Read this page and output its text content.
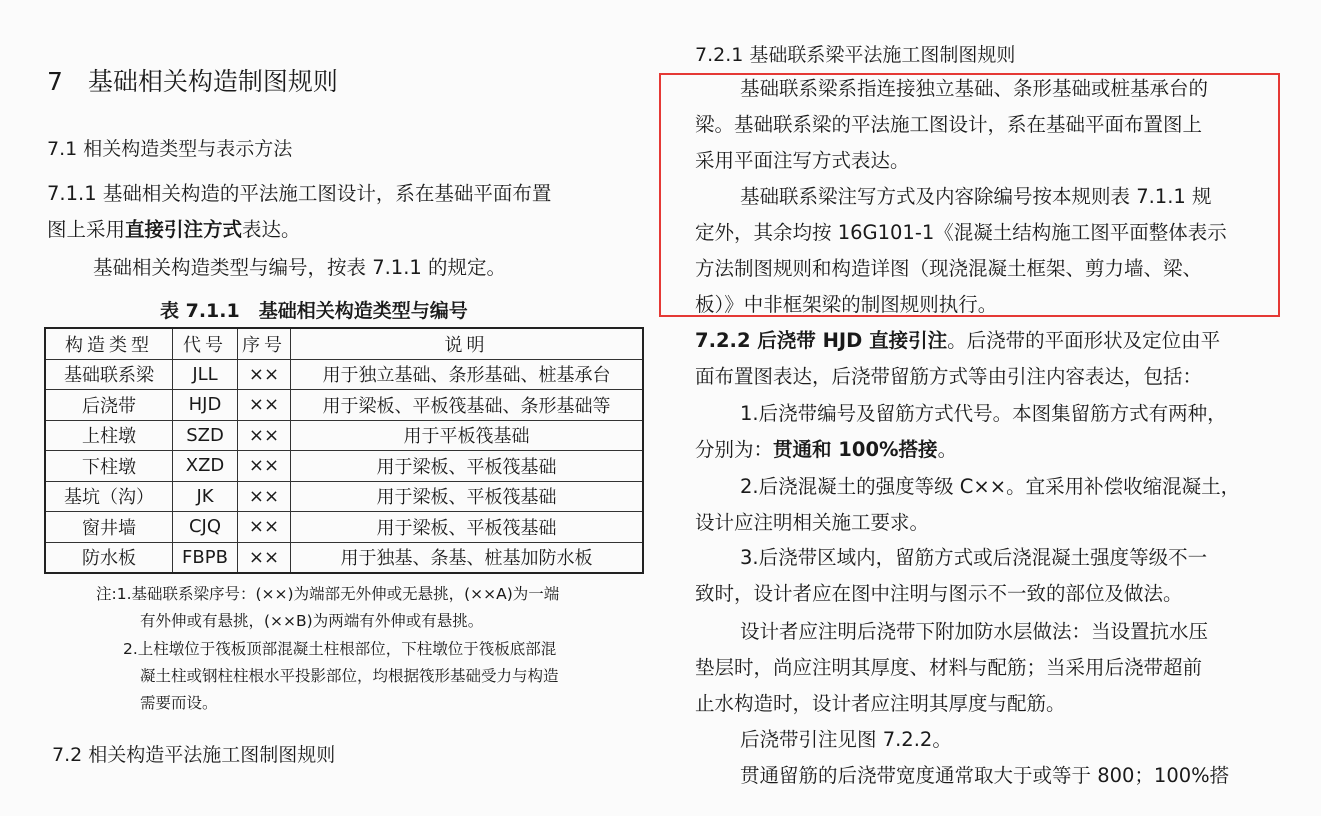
7　基础相关构造制图规则
7.1 相关构造类型与表示方法
7.1.1 基础相关构造的平法施工图设计，系在基础平面布置
图上采用直接引注方式表达。
基础相关构造类型与编号，按表 7.1.1 的规定。
表 7.1.1　基础相关构造类型与编号
构造类型	代号	序号	说明
基础联系梁	JLL	××	用于独立基础、条形基础、桩基承台
后浇带	HJD	××	用于梁板、平板筏基础、条形基础等
上柱墩	SZD	××	用于平板筏基础
下柱墩	XZD	××	用于梁板、平板筏基础
基坑（沟）	JK	××	用于梁板、平板筏基础
窗井墙	CJQ	××	用于梁板、平板筏基础
防水板	FBPB	××	用于独基、条基、桩基加防水板
注:1.基础联系梁序号：(××)为端部无外伸或无悬挑，(××A)为一端
有外伸或有悬挑，(××B)为两端有外伸或有悬挑。
2.上柱墩位于筏板顶部混凝土柱根部位，下柱墩位于筏板底部混
凝土柱或钢柱柱根水平投影部位，均根据筏形基础受力与构造
需要而设。
7.2 相关构造平法施工图制图规则
7.2.1 基础联系梁平法施工图制图规则
基础联系梁系指连接独立基础、条形基础或桩基承台的
梁。基础联系梁的平法施工图设计，系在基础平面布置图上
采用平面注写方式表达。
基础联系梁注写方式及内容除编号按本规则表 7.1.1 规
定外，其余均按 16G101-1《混凝土结构施工图平面整体表示
方法制图规则和构造详图（现浇混凝土框架、剪力墙、梁、
板）》中非框架梁的制图规则执行。
7.2.2 后浇带 HJD 直接引注。后浇带的平面形状及定位由平
面布置图表达，后浇带留筋方式等由引注内容表达，包括：
1.后浇带编号及留筋方式代号。本图集留筋方式有两种，
分别为：贯通和 100%搭接。
2.后浇混凝土的强度等级 C××。宜采用补偿收缩混凝土，
设计应注明相关施工要求。
3.后浇带区域内，留筋方式或后浇混凝土强度等级不一
致时，设计者应在图中注明与图示不一致的部位及做法。
设计者应注明后浇带下附加防水层做法：当设置抗水压
垫层时，尚应注明其厚度、材料与配筋；当采用后浇带超前
止水构造时，设计者应注明其厚度与配筋。
后浇带引注见图 7.2.2。
贯通留筋的后浇带宽度通常取大于或等于 800；100%搭
